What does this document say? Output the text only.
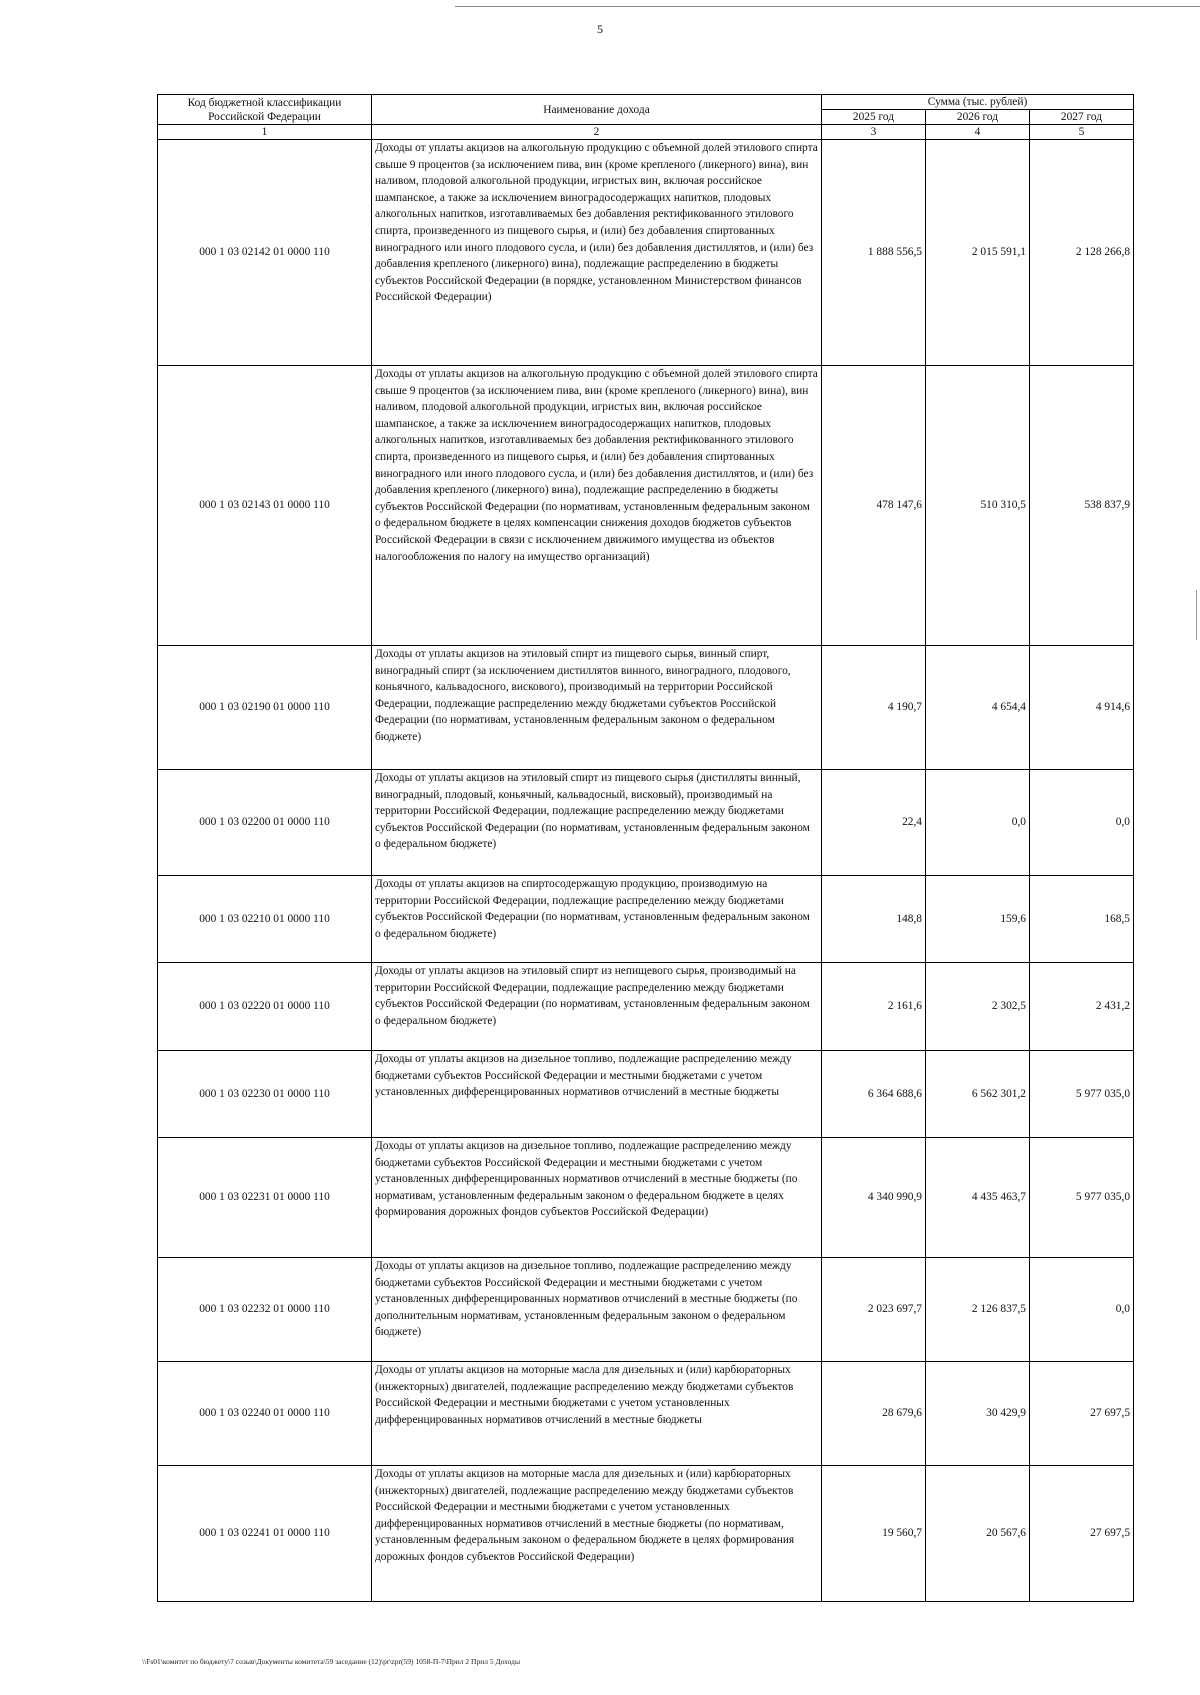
5
Код бюджетной классификации Российской Федерации	Наименование дохода	Сумма (тыс. рублей)		
		2025 год	2026 год	2027 год
1	2	3	4	5
000 1 03 02142 01 0000 110	Доходы от уплаты акцизов на алкогольную продукцию с объемной долей этилового спирта свыше 9 процентов (за исключением пива, вин (кроме крепленого (ликерного) вина), вин наливом, плодовой алкогольной продукции, игристых вин, включая российское шампанское, а также за исключением виноградосодержащих напитков, плодовых алкогольных напитков, изготавливаемых без добавления ректификованного этилового спирта, произведенного из пищевого сырья, и (или) без добавления спиртованных виноградного или иного плодового сусла, и (или) без добавления дистиллятов, и (или) без добавления крепленого (ликерного) вина), подлежащие распределению в бюджеты субъектов Российской Федерации (в порядке, установленном Министерством финансов Российской Федерации)	1 888 556,5	2 015 591,1	2 128 266,8
000 1 03 02143 01 0000 110	Доходы от уплаты акцизов на алкогольную продукцию с объемной долей этилового спирта свыше 9 процентов (за исключением пива, вин (кроме крепленого (ликерного) вина), вин наливом, плодовой алкогольной продукции, игристых вин, включая российское шампанское, а также за исключением виноградосодержащих напитков, плодовых алкогольных напитков, изготавливаемых без добавления ректификованного этилового спирта, произведенного из пищевого сырья, и (или) без добавления спиртованных виноградного или иного плодового сусла, и (или) без добавления дистиллятов, и (или) без добавления крепленого (ликерного) вина), подлежащие распределению в бюджеты субъектов Российской Федерации (по нормативам, установленным федеральным законом о федеральном бюджете в целях компенсации снижения доходов бюджетов субъектов Российской Федерации в связи с исключением движимого имущества из объектов налогообложения по налогу на имущество организаций)	478 147,6	510 310,5	538 837,9
000 1 03 02190 01 0000 110	Доходы от уплаты акцизов на этиловый спирт из пищевого сырья, винный спирт, виноградный спирт (за исключением дистиллятов винного, виноградного, плодового, коньячного, кальвадосного, вискового), производимый на территории Российской Федерации, подлежащие распределению между бюджетами субъектов Российской Федерации (по нормативам, установленным федеральным законом о федеральном бюджете)	4 190,7	4 654,4	4 914,6
000 1 03 02200 01 0000 110	Доходы от уплаты акцизов на этиловый спирт из пищевого сырья (дистилляты винный, виноградный, плодовый, коньячный, кальвадосный, висковый), производимый на территории Российской Федерации, подлежащие распределению между бюджетами субъектов Российской Федерации (по нормативам, установленным федеральным законом о федеральном бюджете)	22,4	0,0	0,0
000 1 03 02210 01 0000 110	Доходы от уплаты акцизов на спиртосодержащую продукцию, производимую на территории Российской Федерации, подлежащие распределению между бюджетами субъектов Российской Федерации (по нормативам, установленным федеральным законом о федеральном бюджете)	148,8	159,6	168,5
000 1 03 02220 01 0000 110	Доходы от уплаты акцизов на этиловый спирт из непищевого сырья, производимый на территории Российской Федерации, подлежащие распределению между бюджетами субъектов Российской Федерации (по нормативам, установленным федеральным законом о федеральном бюджете)	2 161,6	2 302,5	2 431,2
000 1 03 02230 01 0000 110	Доходы от уплаты акцизов на дизельное топливо, подлежащие распределению между бюджетами субъектов Российской Федерации и местными бюджетами с учетом установленных дифференцированных нормативов отчислений в местные бюджеты	6 364 688,6	6 562 301,2	5 977 035,0
000 1 03 02231 01 0000 110	Доходы от уплаты акцизов на дизельное топливо, подлежащие распределению между бюджетами субъектов Российской Федерации и местными бюджетами с учетом установленных дифференцированных нормативов отчислений в местные бюджеты (по нормативам, установленным федеральным законом о федеральном бюджете в целях формирования дорожных фондов субъектов Российской Федерации)	4 340 990,9	4 435 463,7	5 977 035,0
000 1 03 02232 01 0000 110	Доходы от уплаты акцизов на дизельное топливо, подлежащие распределению между бюджетами субъектов Российской Федерации и местными бюджетами с учетом установленных дифференцированных нормативов отчислений в местные бюджеты (по дополнительным нормативам, установленным федеральным законом о федеральном бюджете)	2 023 697,7	2 126 837,5	0,0
000 1 03 02240 01 0000 110	Доходы от уплаты акцизов на моторные масла для дизельных и (или) карбюраторных (инжекторных) двигателей, подлежащие распределению между бюджетами субъектов Российской Федерации и местными бюджетами с учетом установленных дифференцированных нормативов отчислений в местные бюджеты	28 679,6	30 429,9	27 697,5
000 1 03 02241 01 0000 110	Доходы от уплаты акцизов на моторные масла для дизельных и (или) карбюраторных (инжекторных) двигателей, подлежащие распределению между бюджетами субъектов Российской Федерации и местными бюджетами с учетом установленных дифференцированных нормативов отчислений в местные бюджеты (по нормативам, установленным федеральным законом о федеральном бюджете в целях формирования дорожных фондов субъектов Российской Федерации)	19 560,7	20 567,6	27 697,5
\\Fs01\комитет по бюджету\7 созыв\Документы комитета\59 заседание (12)\pr\zpr(59) 1058-П-7\Прил 2 Прил 5 Доходы
